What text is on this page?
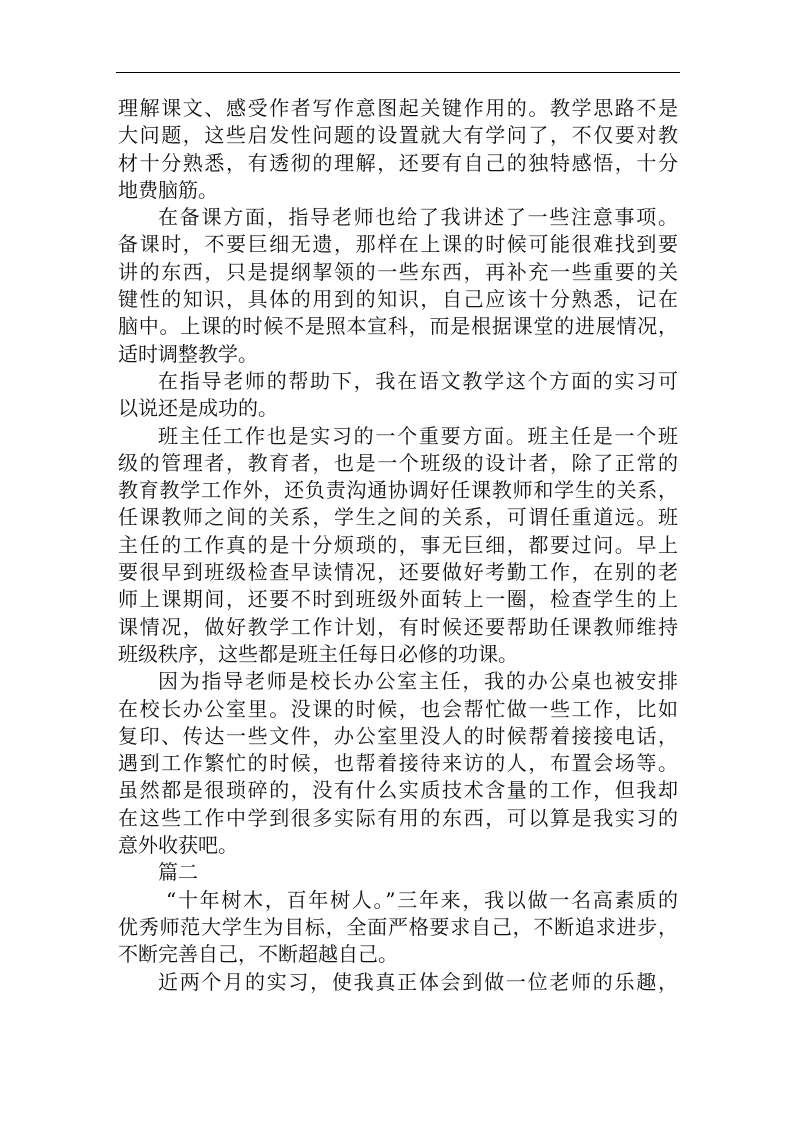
理解课文、感受作者写作意图起关键作用的。教学思路不是
大问题，这些启发性问题的设置就大有学问了，不仅要对教
材十分熟悉，有透彻的理解，还要有自己的独特感悟，十分
地费脑筋。
在备课方面，指导老师也给了我讲述了一些注意事项。
备课时，不要巨细无遗，那样在上课的时候可能很难找到要
讲的东西，只是提纲挈领的一些东西，再补充一些重要的关
键性的知识，具体的用到的知识，自己应该十分熟悉，记在
脑中。上课的时候不是照本宣科，而是根据课堂的进展情况，
适时调整教学。
在指导老师的帮助下，我在语文教学这个方面的实习可
以说还是成功的。
班主任工作也是实习的一个重要方面。班主任是一个班
级的管理者，教育者，也是一个班级的设计者，除了正常的
教育教学工作外，还负责沟通协调好任课教师和学生的关系，
任课教师之间的关系，学生之间的关系，可谓任重道远。班
主任的工作真的是十分烦琐的，事无巨细，都要过问。早上
要很早到班级检查早读情况，还要做好考勤工作，在别的老
师上课期间，还要不时到班级外面转上一圈，检查学生的上
课情况，做好教学工作计划，有时候还要帮助任课教师维持
班级秩序，这些都是班主任每日必修的功课。
因为指导老师是校长办公室主任，我的办公桌也被安排
在校长办公室里。没课的时候，也会帮忙做一些工作，比如
复印、传达一些文件，办公室里没人的时候帮着接接电话，
遇到工作繁忙的时候，也帮着接待来访的人，布置会场等。
虽然都是很琐碎的，没有什么实质技术含量的工作，但我却
在这些工作中学到很多实际有用的东西，可以算是我实习的
意外收获吧。
篇二
“十年树木，百年树人。”三年来，我以做一名高素质的
优秀师范大学生为目标，全面严格要求自己，不断追求进步，
不断完善自己，不断超越自己。
近两个月的实习，使我真正体会到做一位老师的乐趣，
